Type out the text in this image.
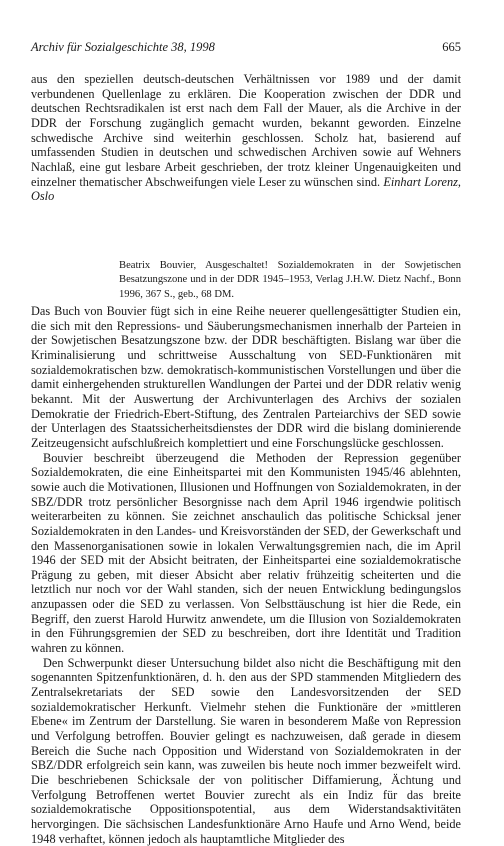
Archiv für Sozialgeschichte 38, 1998	665

aus den speziellen deutsch-deutschen Verhältnissen vor 1989 und der damit verbundenen Quellenlage zu erklären. Die Kooperation zwischen der DDR und deutschen Rechtsradikalen ist erst nach dem Fall der Mauer, als die Archive in der DDR der Forschung zugänglich gemacht wurden, bekannt geworden. Einzelne schwedische Archive sind weiterhin geschlossen. Scholz hat, basierend auf umfassenden Studien in deutschen und schwedischen Archiven sowie auf Wehners Nachlaß, eine gut lesbare Arbeit geschrieben, der trotz kleiner Ungenauigkeiten und einzelner thematischer Abschweifungen viele Leser zu wünschen sind. Einhart Lorenz, Oslo

Beatrix Bouvier, Ausgeschaltet! Sozialdemokraten in der Sowjetischen Besatzungszone und in der DDR 1945–1953, Verlag J.H.W. Dietz Nachf., Bonn 1996, 367 S., geb., 68 DM.

Das Buch von Bouvier fügt sich in eine Reihe neuerer quellengesättigter Studien ein, die sich mit den Repressions- und Säuberungsmechanismen innerhalb der Parteien in der Sowjetischen Besatzungszone bzw. der DDR beschäftigten. Bislang war über die Kriminalisierung und schrittweise Ausschaltung von SED-Funktionären mit sozialdemokratischen bzw. demokratisch-kommunistischen Vorstellungen und über die damit einhergehenden strukturellen Wandlungen der Partei und der DDR relativ wenig bekannt. Mit der Auswertung der Archivunterlagen des Archivs der sozialen Demokratie der Friedrich-Ebert-Stiftung, des Zentralen Parteiarchivs der SED sowie der Unterlagen des Staatssicherheitsdienstes der DDR wird die bislang dominierende Zeitzeugensicht aufschlußreich komplettiert und eine Forschungslücke geschlossen.

Bouvier beschreibt überzeugend die Methoden der Repression gegenüber Sozialdemokraten, die eine Einheitspartei mit den Kommunisten 1945/46 ablehnten, sowie auch die Motivationen, Illusionen und Hoffnungen von Sozialdemokraten, in der SBZ/DDR trotz persönlicher Besorgnisse nach dem April 1946 irgendwie politisch weiterarbeiten zu können. Sie zeichnet anschaulich das politische Schicksal jener Sozialdemokraten in den Landes- und Kreisvorständen der SED, der Gewerkschaft und den Massenorganisationen sowie in lokalen Verwaltungsgremien nach, die im April 1946 der SED mit der Absicht beitraten, der Einheitspartei eine sozialdemokratische Prägung zu geben, mit dieser Absicht aber relativ frühzeitig scheiterten und die letztlich nur noch vor der Wahl standen, sich der neuen Entwicklung bedingungslos anzupassen oder die SED zu verlassen. Von Selbsttäuschung ist hier die Rede, ein Begriff, den zuerst Harold Hurwitz anwendete, um die Illusion von Sozialdemokraten in den Führungsgremien der SED zu beschreiben, dort ihre Identität und Tradition wahren zu können.

Den Schwerpunkt dieser Untersuchung bildet also nicht die Beschäftigung mit den sogenannten Spitzenfunktionären, d. h. den aus der SPD stammenden Mitgliedern des Zentralsekretariats der SED sowie den Landesvorsitzenden der SED sozialdemokratischer Herkunft. Vielmehr stehen die Funktionäre der »mittleren Ebene« im Zentrum der Darstellung. Sie waren in besonderem Maße von Repression und Verfolgung betroffen. Bouvier gelingt es nachzuweisen, daß gerade in diesem Bereich die Suche nach Opposition und Widerstand von Sozialdemokraten in der SBZ/DDR erfolgreich sein kann, was zuweilen bis heute noch immer bezweifelt wird. Die beschriebenen Schicksale der von politischer Diffamierung, Ächtung und Verfolgung Betroffenen wertet Bouvier zurecht als ein Indiz für das breite sozialdemokratische Oppositionspotential, aus dem Widerstandsaktivitäten hervorgingen. Die sächsischen Landesfunktionäre Arno Haufe und Arno Wend, beide 1948 verhaftet, können jedoch als hauptamtliche Mitglieder des
